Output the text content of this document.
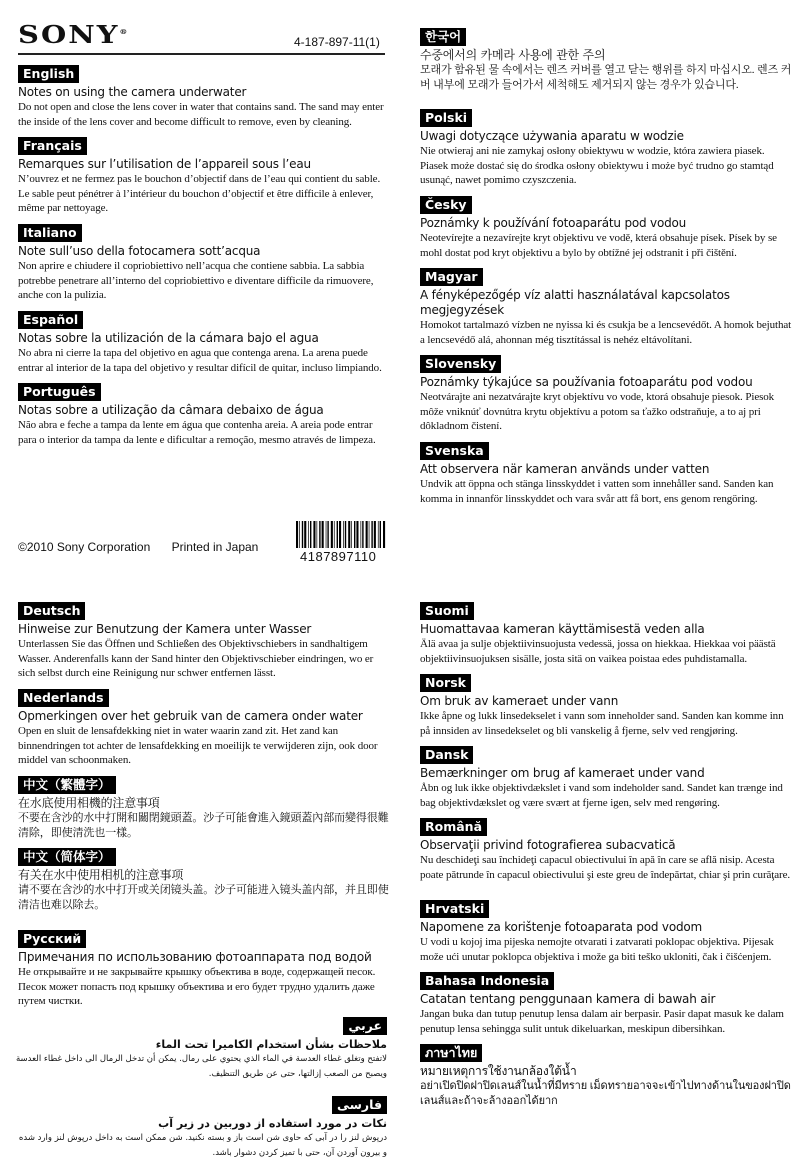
SONY®
4-187-897-11(1)
English
Notes on using the camera underwater
Do not open and close the lens cover in water that contains sand. The sand may enter the inside of the lens cover and become difficult to remove, even by cleaning.
Français
Remarques sur l’utilisation de l’appareil sous l’eau
N’ouvrez et ne fermez pas le bouchon d’objectif dans de l’eau qui contient du sable. Le sable peut pénétrer à l’intérieur du bouchon d’objectif et être difficile à enlever, même par nettoyage.
Italiano
Note sull’uso della fotocamera sott’acqua
Non aprire e chiudere il copriobiettivo nell’acqua che contiene sabbia. La sabbia potrebbe penetrare all’interno del copriobiettivo e diventare difficile da rimuovere, anche con la pulizia.
Español
Notas sobre la utilización de la cámara bajo el agua
No abra ni cierre la tapa del objetivo en agua que contenga arena. La arena puede entrar al interior de la tapa del objetivo y resultar difícil de quitar, incluso limpiando.
Português
Notas sobre a utilização da câmara debaixo de água
Não abra e feche a tampa da lente em água que contenha areia. A areia pode entrar para o interior da tampa da lente e dificultar a remoção, mesmo através de limpeza.
한국어
수중에서의 카메라 사용에 관한 주의
모래가 함유된 물 속에서는 렌즈 커버를 열고 닫는 행위를 하지 마십시오. 렌즈 커버 내부에 모래가 들어가서 세척해도 제거되지 않는 경우가 있습니다.
Polski
Uwagi dotyczące używania aparatu w wodzie
Nie otwieraj ani nie zamykaj osłony obiektywu w wodzie, która zawiera piasek. Piasek może dostać się do środka osłony obiektywu i może być trudno go stamtąd usunąć, nawet pomimo czyszczenia.
Česky
Poznámky k používání fotoaparátu pod vodou
Neotevírejte a nezavírejte kryt objektivu ve vodě, která obsahuje písek. Písek by se mohl dostat pod kryt objektivu a bylo by obtížné jej odstranit i při čištění.
Magyar
A fényképezőgép víz alatti használatával kapcsolatos megjegyzések
Homokot tartalmazó vízben ne nyissa ki és csukja be a lencsevédőt. A homok bejuthat a lencsevédő alá, ahonnan még tisztítással is nehéz eltávolítani.
Slovensky
Poznámky týkajúce sa používania fotoaparátu pod vodou
Neotvárajte ani nezatvárajte kryt objektívu vo vode, ktorá obsahuje piesok. Piesok môže vniknúť dovnútra krytu objektívu a potom sa ťažko odstraňuje, a to aj pri dôkladnom čistení.
Svenska
Att observera när kameran används under vatten
Undvik att öppna och stänga linsskyddet i vatten som innehåller sand. Sanden kan komma in innanför linsskyddet och vara svår att få bort, ens genom rengöring.
Deutsch
Hinweise zur Benutzung der Kamera unter Wasser
Unterlassen Sie das Öffnen und Schließen des Objektivschiebers in sandhaltigem Wasser. Anderenfalls kann der Sand hinter den Objektivschieber eindringen, wo er sich selbst durch eine Reinigung nur schwer entfernen lässt.
Nederlands
Opmerkingen over het gebruik van de camera onder water
Open en sluit de lensafdekking niet in water waarin zand zit. Het zand kan binnendringen tot achter de lensafdekking en moeilijk te verwijderen zijn, ook door middel van schoonmaken.
中文（繁體字）
在水底使用相機的注意事項
不要在含沙的水中打開和關閉鏡頭蓋。沙子可能會進入鏡頭蓋內部而變得很難清除，即使清洗也一樣。
中文（简体字）
有关在水中使用相机的注意事项
请不要在含沙的水中打开或关闭镜头盖。沙子可能进入镜头盖内部，并且即使清洁也难以除去。
Русский
Примечания по использованию фотоаппарата под водой
Не открывайте и не закрывайте крышку объектива в воде, содержащей песок. Песок может попасть под крышку объектива и его будет трудно удалить даже путем чистки.
عربي
ملاحظات بشأن استخدام الكاميرا تحت الماء
لاتفتح وتغلق غطاء العدسة في الماء الذي يحتوي على رمال. يمكن أن تدخل الرمال الى داخل غطاء العدسة ويصبح من الصعب إزالتها، حتى عن طريق التنظيف.
فارسی
نکات در مورد استفاده از دوربین در زیر آب
درپوش لنز را در آبی که حاوی شن است باز و بسته نکنید. شن ممکن است به داخل درپوش لنز وارد شده و بیرون آوردن آن، حتی با تمیز کردن دشوار باشد.
Suomi
Huomattavaa kameran käyttämisestä veden alla
Älä avaa ja sulje objektiivinsuojusta vedessä, jossa on hiekkaa. Hiekkaa voi päästä objektiivinsuojuksen sisälle, josta sitä on vaikea poistaa edes puhdistamalla.
Norsk
Om bruk av kameraet under vann
Ikke åpne og lukk linsedekselet i vann som inneholder sand. Sanden kan komme inn på innsiden av linsedekselet og bli vanskelig å fjerne, selv ved rengjøring.
Dansk
Bemærkninger om brug af kameraet under vand
Åbn og luk ikke objektivdækslet i vand som indeholder sand. Sandet kan trænge ind bag objektivdækslet og være svært at fjerne igen, selv med rengøring.
Română
Observaţii privind fotografierea subacvatică
Nu deschideţi sau închideţi capacul obiectivului în apă în care se află nisip. Acesta poate pătrunde în capacul obiectivului şi este greu de îndepărtat, chiar şi prin curăţare.
Hrvatski
Napomene za korištenje fotoaparata pod vodom
U vodi u kojoj ima pijeska nemojte otvarati i zatvarati poklopac objektiva. Pijesak može ući unutar poklopca objektiva i može ga biti teško ukloniti, čak i čišćenjem.
Bahasa Indonesia
Catatan tentang penggunaan kamera di bawah air
Jangan buka dan tutup penutup lensa dalam air berpasir. Pasir dapat masuk ke dalam penutup lensa sehingga sulit untuk dikeluarkan, meskipun dibersihkan.
ภาษาไทย
หมายเหตุการใช้งานกล้องใต้น้ำ
อย่าเปิดปิดฝาปิดเลนส์ในน้ำที่มีทราย เม็ดทรายอาจจะเข้าไปทางด้านในของฝาปิดเลนส์และถ้าจะล้างออกได้ยาก
©2010 Sony Corporation Printed in Japan
4187897110
